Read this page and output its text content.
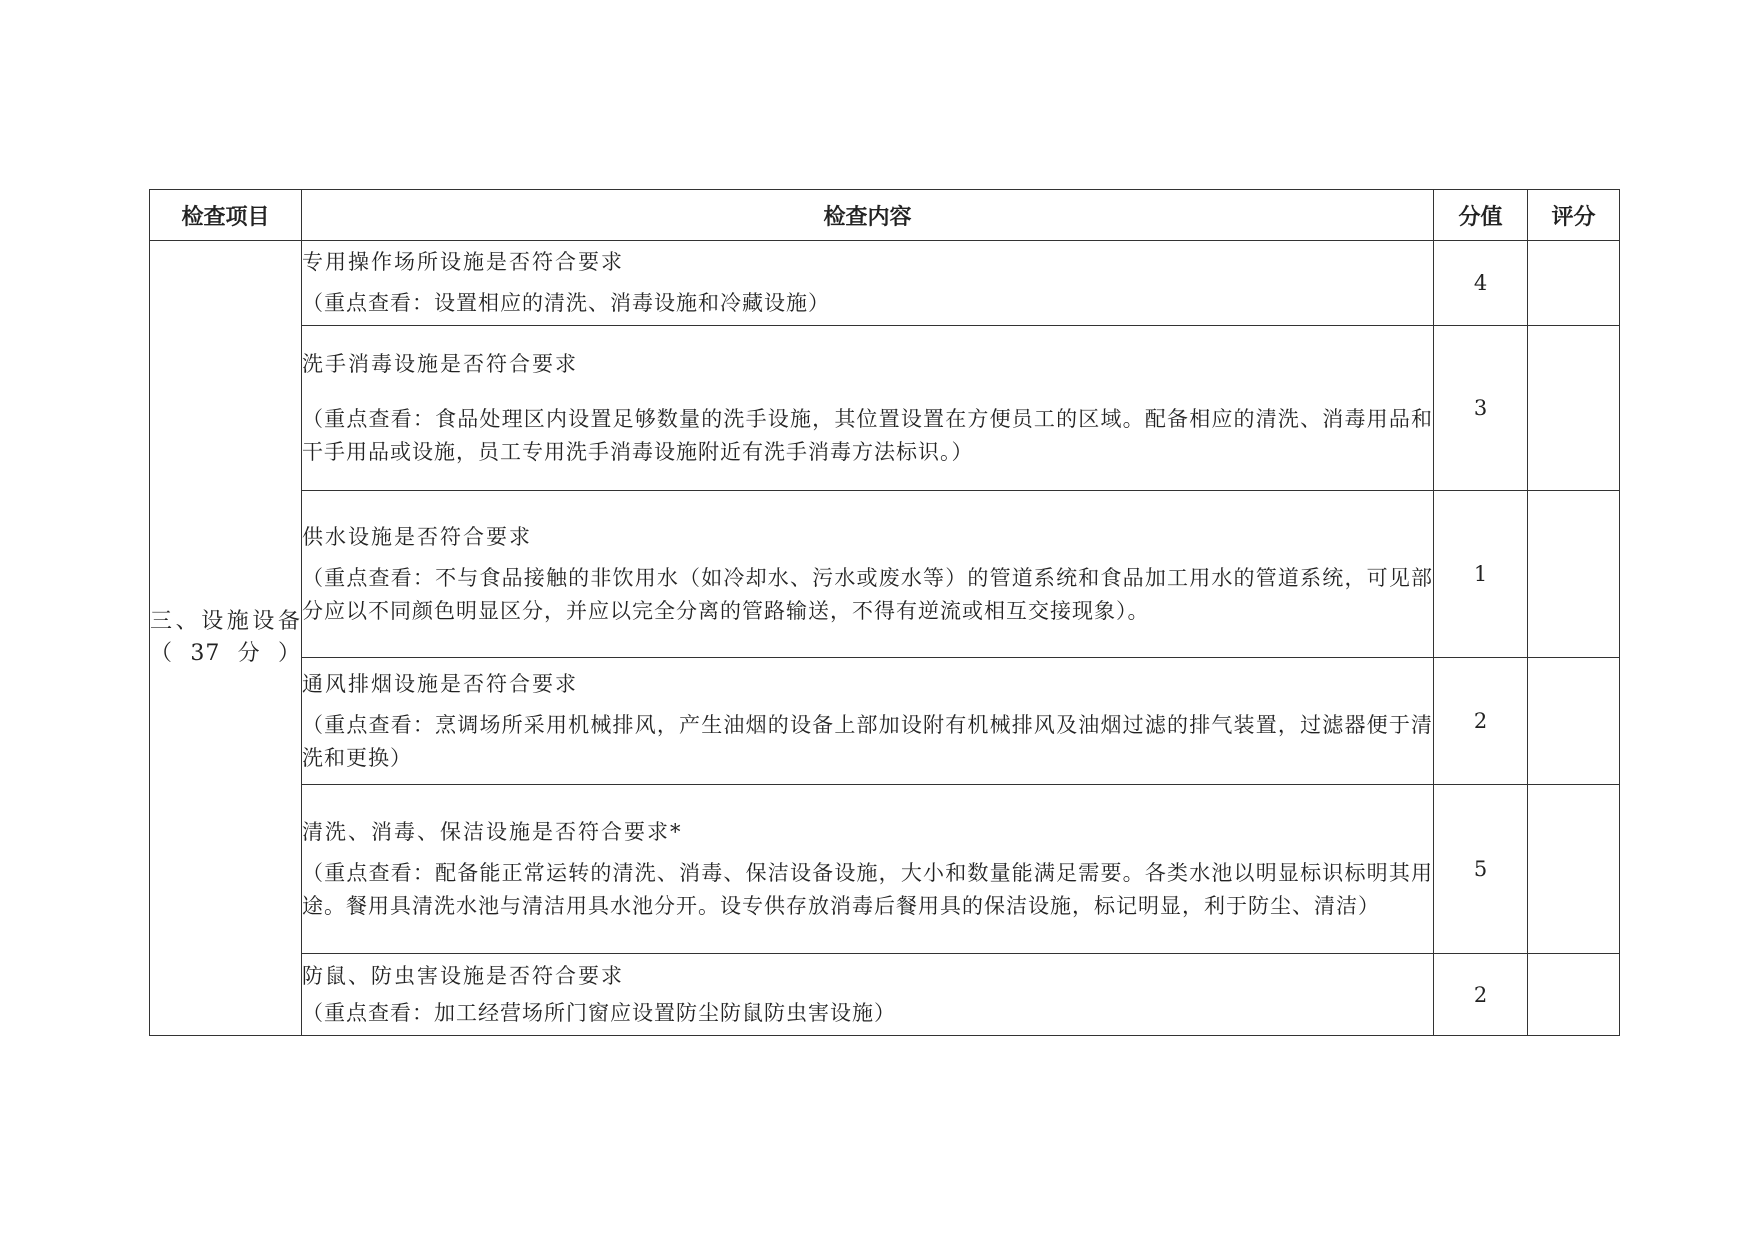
检查项目	检查内容	分值	评分
三、设施设备（37分）	专用操作场所设施是否符合要求
（重点查看：设置相应的清洗、消毒设施和冷藏设施）	4	

	洗手消毒设施是否符合要求
（重点查看：食品处理区内设置足够数量的洗手设施，其位置设置在方便员工的区域。配备相应的清洗、消毒用品和干手用品或设施，员工专用洗手消毒设施附近有洗手消毒方法标识。）	3	

	供水设施是否符合要求
（重点查看：不与食品接触的非饮用水（如冷却水、污水或废水等）的管道系统和食品加工用水的管道系统，可见部分应以不同颜色明显区分，并应以完全分离的管路输送，不得有逆流或相互交接现象）。	1	

	通风排烟设施是否符合要求
（重点查看：烹调场所采用机械排风，产生油烟的设备上部加设附有机械排风及油烟过滤的排气装置，过滤器便于清洗和更换）	2	

	清洗、消毒、保洁设施是否符合要求*
（重点查看：配备能正常运转的清洗、消毒、保洁设备设施，大小和数量能满足需要。各类水池以明显标识标明其用途。餐用具清洗水池与清洁用具水池分开。设专供存放消毒后餐用具的保洁设施，标记明显，利于防尘、清洁）	5	

	防鼠、防虫害设施是否符合要求
（重点查看：加工经营场所门窗应设置防尘防鼠防虫害设施）	2	
